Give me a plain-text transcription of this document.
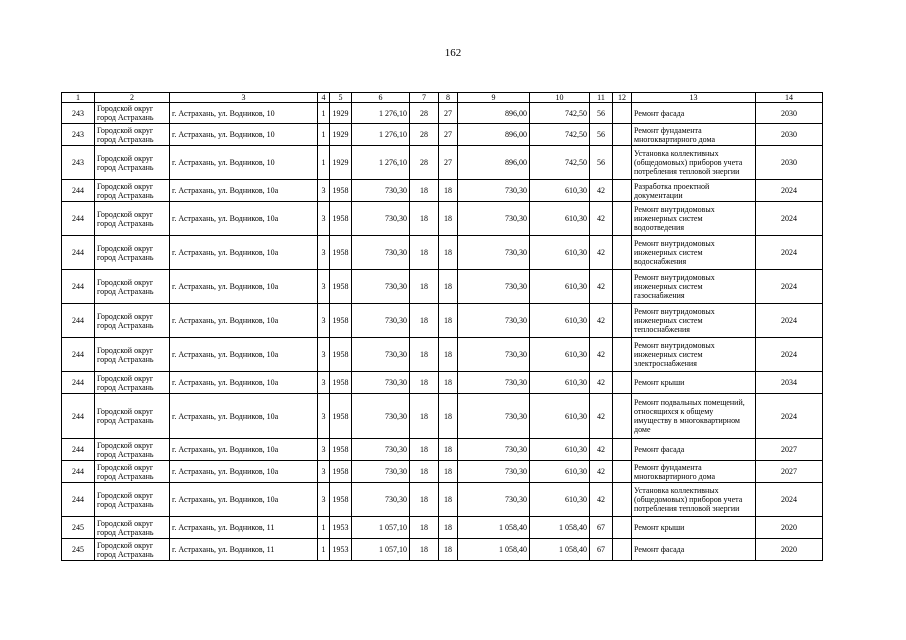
162
1	2	3	4	5	6	7	8	9	10	11	12	13	14
243	Городской округ город Астрахань	г. Астрахань, ул. Водников, 10	1	1929	1 276,10	28	27	896,00	742,50	56		Ремонт фасада	2030
243	Городской округ город Астрахань	г. Астрахань, ул. Водников, 10	1	1929	1 276,10	28	27	896,00	742,50	56		Ремонт фундамента многоквартирного дома	2030
243	Городской округ город Астрахань	г. Астрахань, ул. Водников, 10	1	1929	1 276,10	28	27	896,00	742,50	56		Установка коллективных (общедомовых) приборов учета потребления тепловой энергии	2030
244	Городской округ город Астрахань	г. Астрахань, ул. Водников, 10а	3	1958	730,30	18	18	730,30	610,30	42		Разработка проектной документации	2024
244	Городской округ город Астрахань	г. Астрахань, ул. Водников, 10а	3	1958	730,30	18	18	730,30	610,30	42		Ремонт внутридомовых инженерных систем водоотведения	2024
244	Городской округ город Астрахань	г. Астрахань, ул. Водников, 10а	3	1958	730,30	18	18	730,30	610,30	42		Ремонт внутридомовых инженерных систем водоснабжения	2024
244	Городской округ город Астрахань	г. Астрахань, ул. Водников, 10а	3	1958	730,30	18	18	730,30	610,30	42		Ремонт внутридомовых инженерных систем газоснабжения	2024
244	Городской округ город Астрахань	г. Астрахань, ул. Водников, 10а	3	1958	730,30	18	18	730,30	610,30	42		Ремонт внутридомовых инженерных систем теплоснабжения	2024
244	Городской округ город Астрахань	г. Астрахань, ул. Водников, 10а	3	1958	730,30	18	18	730,30	610,30	42		Ремонт внутридомовых инженерных систем электроснабжения	2024
244	Городской округ город Астрахань	г. Астрахань, ул. Водников, 10а	3	1958	730,30	18	18	730,30	610,30	42		Ремонт крыши	2034
244	Городской округ город Астрахань	г. Астрахань, ул. Водников, 10а	3	1958	730,30	18	18	730,30	610,30	42		Ремонт подвальных помещений, относящихся к общему имуществу в многоквартирном доме	2024
244	Городской округ город Астрахань	г. Астрахань, ул. Водников, 10а	3	1958	730,30	18	18	730,30	610,30	42		Ремонт фасада	2027
244	Городской округ город Астрахань	г. Астрахань, ул. Водников, 10а	3	1958	730,30	18	18	730,30	610,30	42		Ремонт фундамента многоквартирного дома	2027
244	Городской округ город Астрахань	г. Астрахань, ул. Водников, 10а	3	1958	730,30	18	18	730,30	610,30	42		Установка коллективных (общедомовых) приборов учета потребления тепловой энергии	2024
245	Городской округ город Астрахань	г. Астрахань, ул. Водников, 11	1	1953	1 057,10	18	18	1 058,40	1 058,40	67		Ремонт крыши	2020
245	Городской округ город Астрахань	г. Астрахань, ул. Водников, 11	1	1953	1 057,10	18	18	1 058,40	1 058,40	67		Ремонт фасада	2020
